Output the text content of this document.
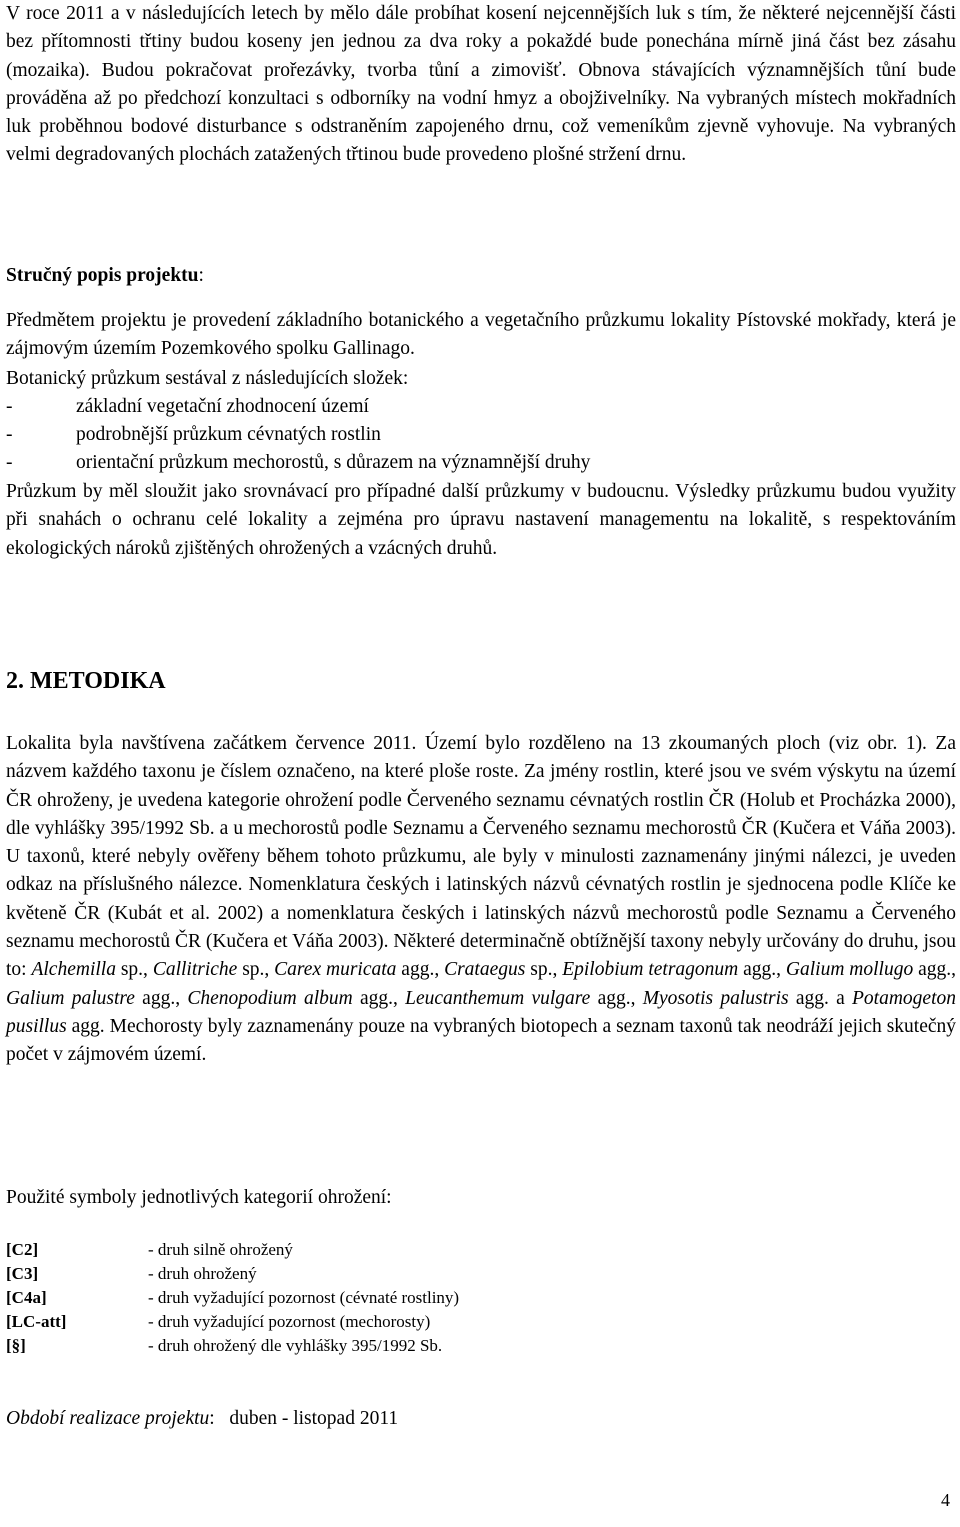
V roce 2011 a v následujících letech by mělo dále probíhat kosení nejcennějších luk s tím, že některé nejcennější části bez přítomnosti třtiny budou koseny jen jednou za dva roky a pokaždé bude ponechána mírně jiná část bez zásahu (mozaika). Budou pokračovat prořezávky, tvorba tůní a zimovišť. Obnova stávajících významnějších tůní bude prováděna až po předchozí konzultaci s odborníky na vodní hmyz a obojživelníky. Na vybraných místech mokřadních luk proběhnou bodové disturbance s odstraněním zapojeného drnu, což vemeníkům zjevně vyhovuje. Na vybraných velmi degradovaných plochách zatažených třtinou bude provedeno plošné stržení drnu.

Stručný popis projektu:

Předmětem projektu je provedení základního botanického a vegetačního průzkumu lokality Pístovské mokřady, která je zájmovým územím Pozemkového spolku Gallinago.

Botanický průzkum sestával z následujících složek:

-	základní vegetační zhodnocení území
-	podrobnější průzkum cévnatých rostlin
-	orientační průzkum mechorostů, s důrazem na významnější druhy

Průzkum by měl sloužit jako srovnávací pro případné další průzkumy v budoucnu. Výsledky průzkumu budou využity při snahách o ochranu celé lokality a zejména pro úpravu nastavení managementu na lokalitě, s respektováním ekologických nároků zjištěných ohrožených a vzácných druhů.

2. METODIKA

Lokalita byla navštívena začátkem července 2011. Území bylo rozděleno na 13 zkoumaných ploch (viz obr. 1). Za názvem každého taxonu je číslem označeno, na které ploše roste. Za jmény rostlin, které jsou ve svém výskytu na území ČR ohroženy, je uvedena kategorie ohrožení podle Červeného seznamu cévnatých rostlin ČR (Holub et Procházka 2000), dle vyhlášky 395/1992 Sb. a u mechorostů podle Seznamu a Červeného seznamu mechorostů ČR (Kučera et Váňa 2003). U taxonů, které nebyly ověřeny během tohoto průzkumu, ale byly v minulosti zaznamenány jinými nálezci, je uveden odkaz na příslušného nálezce. Nomenklatura českých i latinských názvů cévnatých rostlin je sjednocena podle Klíče ke květeně ČR (Kubát et al. 2002) a nomenklatura českých i latinských názvů mechorostů podle Seznamu a Červeného seznamu mechorostů ČR (Kučera et Váňa 2003). Některé determinačně obtížnější taxony nebyly určovány do druhu, jsou to: Alchemilla sp., Callitriche sp., Carex muricata agg., Crataegus sp., Epilobium tetragonum agg., Galium mollugo agg., Galium palustre agg., Chenopodium album agg., Leucanthemum vulgare agg., Myosotis palustris agg. a Potamogeton pusillus agg. Mechorosty byly zaznamenány pouze na vybraných biotopech a seznam taxonů tak neodráží jejich skutečný počet v zájmovém území.

Použité symboly jednotlivých kategorií ohrožení:
[C2]	- druh silně ohrožený
[C3]	- druh ohrožený
[C4a]	- druh vyžadující pozornost (cévnaté rostliny)
[LC-att]	- druh vyžadující pozornost (mechorosty)
[§]	- druh ohrožený dle vyhlášky 395/1992 Sb.
Období realizace projektu: duben - listopad 2011
4
